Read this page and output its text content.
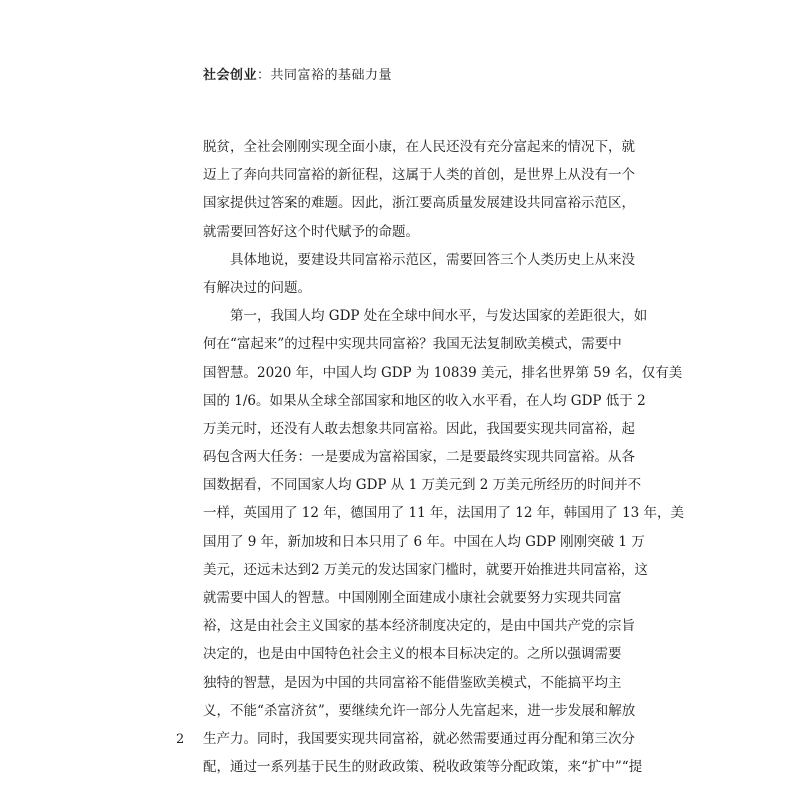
社会创业：共同富裕的基础力量
脱贫，全社会刚刚实现全面小康，在人民还没有充分富起来的情况下，就
迈上了奔向共同富裕的新征程，这属于人类的首创，是世界上从没有一个
国家提供过答案的难题。因此，浙江要高质量发展建设共同富裕示范区，
就需要回答好这个时代赋予的命题。
具体地说，要建设共同富裕示范区，需要回答三个人类历史上从来没
有解决过的问题。
第一，我国人均 GDP 处在全球中间水平，与发达国家的差距很大，如
何在“富起来”的过程中实现共同富裕？我国无法复制欧美模式，需要中
国智慧。2020 年，中国人均 GDP 为 10839 美元，排名世界第 59 名，仅有美
国的 1/6。如果从全球全部国家和地区的收入水平看，在人均 GDP 低于 2
万美元时，还没有人敢去想象共同富裕。因此，我国要实现共同富裕，起
码包含两大任务：一是要成为富裕国家，二是要最终实现共同富裕。从各
国数据看，不同国家人均 GDP 从 1 万美元到 2 万美元所经历的时间并不
一样，英国用了 12 年，德国用了 11 年，法国用了 12 年，韩国用了 13 年，美
国用了 9 年，新加坡和日本只用了 6 年。中国在人均 GDP 刚刚突破 1 万
美元，还远未达到2 万美元的发达国家门槛时，就要开始推进共同富裕，这
就需要中国人的智慧。中国刚刚全面建成小康社会就要努力实现共同富
裕，这是由社会主义国家的基本经济制度决定的，是由中国共产党的宗旨
决定的，也是由中国特色社会主义的根本目标决定的。之所以强调需要
独特的智慧，是因为中国的共同富裕不能借鉴欧美模式，不能搞平均主
义，不能“杀富济贫”，要继续允许一部分人先富起来，进一步发展和解放
生产力。同时，我国要实现共同富裕，就必然需要通过再分配和第三次分
配，通过一系列基于民生的财政政策、税收政策等分配政策，来“扩中”“提
2
